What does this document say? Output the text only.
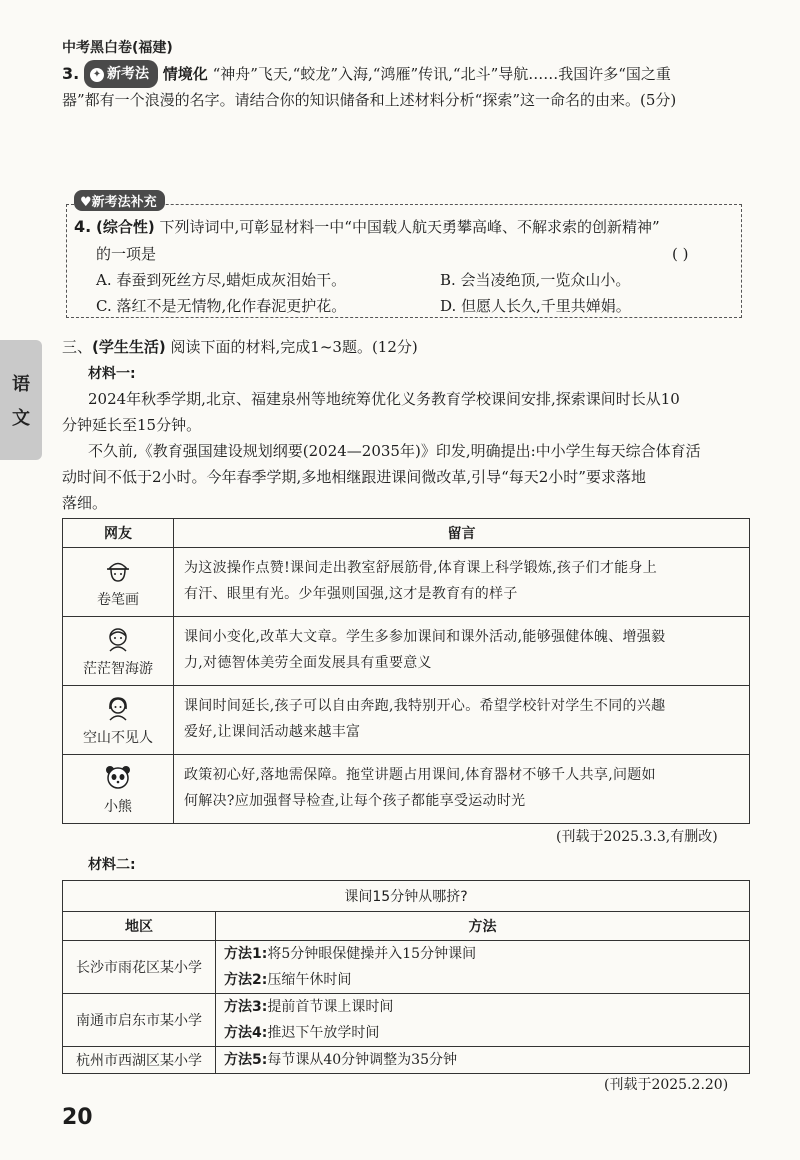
中考黑白卷(福建)
3. ✦ 新考法 情境化 “神舟”飞天,“蛟龙”入海,“鸿雁”传讯,“北斗”导航……我国许多“国之重
器”都有一个浪漫的名字。请结合你的知识储备和上述材料分析“探索”这一命名的由来。(5分)
♥新考法补充
4. (综合性) 下列诗词中,可彰显材料一中“中国载人航天勇攀高峰、不解求索的创新精神”
的一项是	( )
A. 春蚕到死丝方尽,蜡炬成灰泪始干。	B. 会当凌绝顶,一览众山小。
C. 落红不是无情物,化作春泥更护花。	D. 但愿人长久,千里共婵娟。
语
文
三、(学生生活) 阅读下面的材料,完成1~3题。(12分)
材料一:
2024年秋季学期,北京、福建泉州等地统筹优化义务教育学校课间安排,探索课间时长从10
分钟延长至15分钟。
不久前,《教育强国建设规划纲要(2024—2035年)》印发,明确提出:中小学生每天综合体育活
动时间不低于2小时。今年春季学期,多地相继跟进课间微改革,引导“每天2小时”要求落地
落细。
网友	留言

卷笔画	为这波操作点赞!课间走出教室舒展筋骨,体育课上科学锻炼,孩子们才能身上
有汗、眼里有光。少年强则国强,这才是教育有的样子

茫茫智海游	课间小变化,改革大文章。学生多参加课间和课外活动,能够强健体魄、增强毅
力,对德智体美劳全面发展具有重要意义

空山不见人	课间时间延长,孩子可以自由奔跑,我特别开心。希望学校针对学生不同的兴趣
爱好,让课间活动越来越丰富

小熊	政策初心好,落地需保障。拖堂讲题占用课间,体育器材不够千人共享,问题如
何解决?应加强督导检查,让每个孩子都能享受运动时光
(刊载于2025.3.3,有删改)
材料二:
课间15分钟从哪挤?	
地区	方法
长沙市雨花区某小学	方法1:将5分钟眼保健操并入15分钟课间
方法2:压缩午休时间

南通市启东市某小学	方法3:提前首节课上课时间
方法4:推迟下午放学时间

杭州市西湖区某小学	方法5:每节课从40分钟调整为35分钟
(刊载于2025.2.20)
20
